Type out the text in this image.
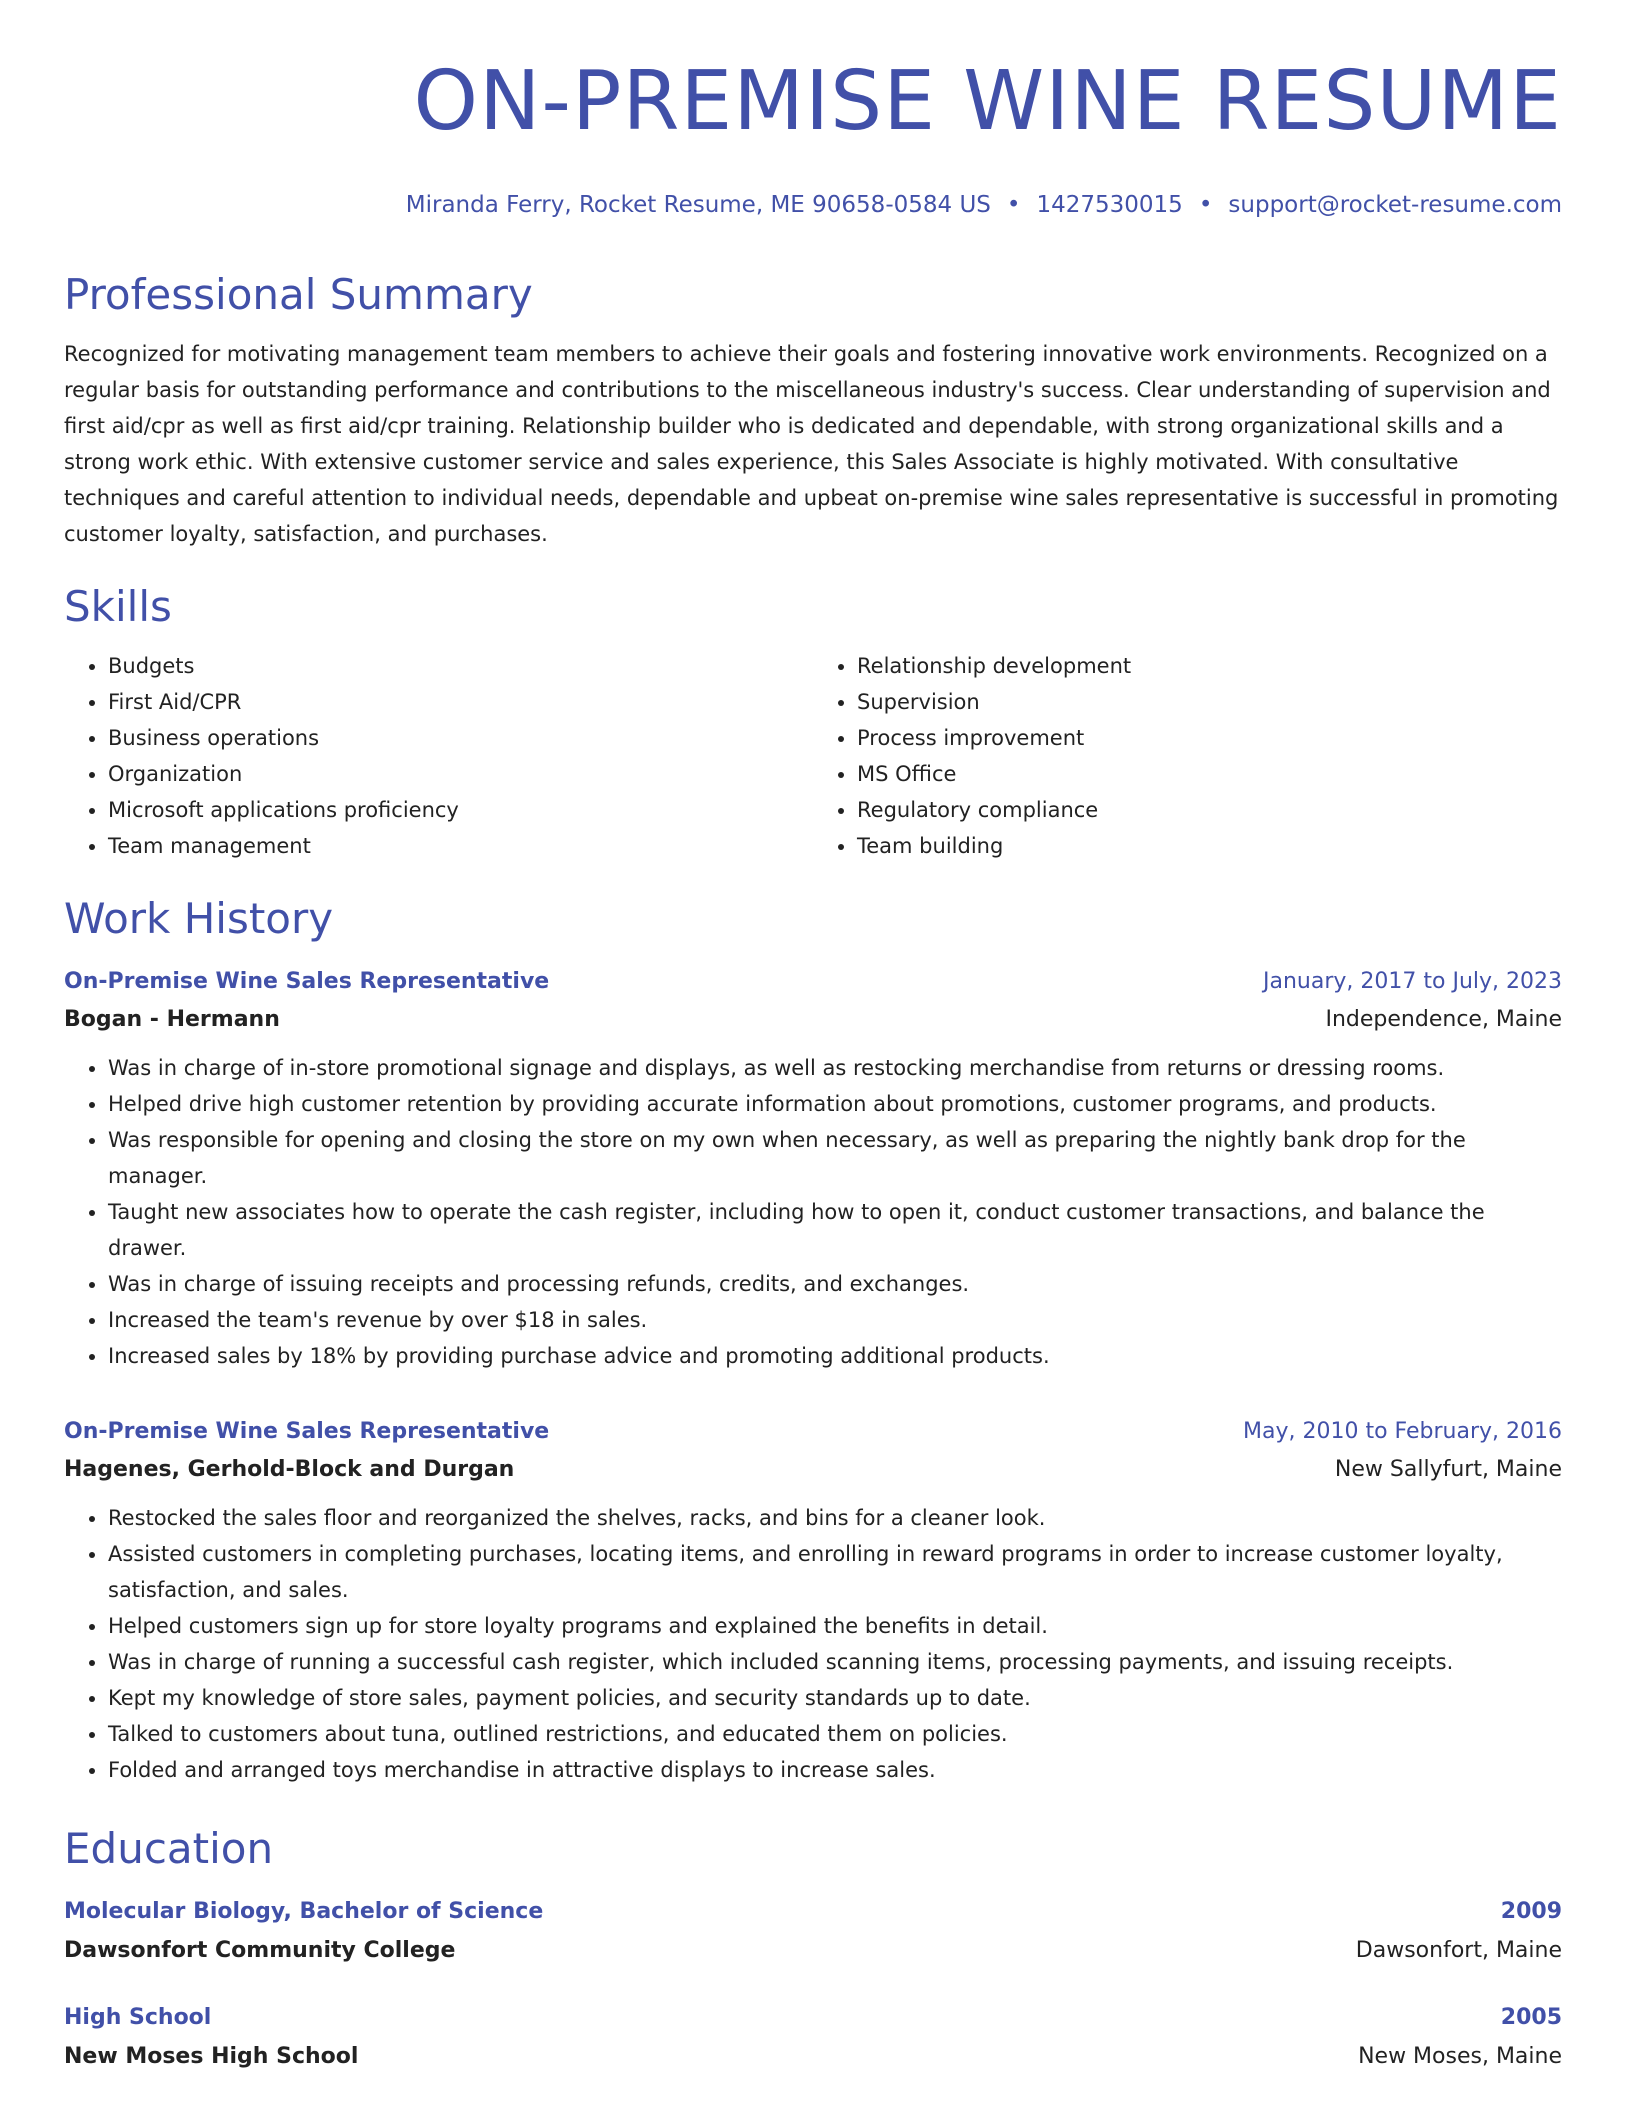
ON-PREMISE WINE RESUME
Miranda Ferry, Rocket Resume, ME 90658-0584 US • 1427530015 • support@rocket-resume.com
Professional Summary
Recognized for motivating management team members to achieve their goals and fostering innovative work environments. Recognized on a regular basis for outstanding performance and contributions to the miscellaneous industry's success. Clear understanding of supervision and first aid/cpr as well as first aid/cpr training. Relationship builder who is dedicated and dependable, with strong organizational skills and a strong work ethic. With extensive customer service and sales experience, this Sales Associate is highly motivated. With consultative techniques and careful attention to individual needs, dependable and upbeat on-premise wine sales representative is successful in promoting customer loyalty, satisfaction, and purchases.
Skills
• Budgets
• First Aid/CPR
• Business operations
• Organization
• Microsoft applications proficiency
• Team management
• Relationship development
• Supervision
• Process improvement
• MS Office
• Regulatory compliance
• Team building
Work History
On-Premise Wine Sales Representative	January, 2017 to July, 2023
Bogan - Hermann	Independence, Maine
• Was in charge of in-store promotional signage and displays, as well as restocking merchandise from returns or dressing rooms.
• Helped drive high customer retention by providing accurate information about promotions, customer programs, and products.
• Was responsible for opening and closing the store on my own when necessary, as well as preparing the nightly bank drop for the manager.
• Taught new associates how to operate the cash register, including how to open it, conduct customer transactions, and balance the drawer.
• Was in charge of issuing receipts and processing refunds, credits, and exchanges.
• Increased the team's revenue by over $18 in sales.
• Increased sales by 18% by providing purchase advice and promoting additional products.
On-Premise Wine Sales Representative	May, 2010 to February, 2016
Hagenes, Gerhold-Block and Durgan	New Sallyfurt, Maine
• Restocked the sales floor and reorganized the shelves, racks, and bins for a cleaner look.
• Assisted customers in completing purchases, locating items, and enrolling in reward programs in order to increase customer loyalty, satisfaction, and sales.
• Helped customers sign up for store loyalty programs and explained the benefits in detail.
• Was in charge of running a successful cash register, which included scanning items, processing payments, and issuing receipts.
• Kept my knowledge of store sales, payment policies, and security standards up to date.
• Talked to customers about tuna, outlined restrictions, and educated them on policies.
• Folded and arranged toys merchandise in attractive displays to increase sales.
Education
Molecular Biology, Bachelor of Science	2009
Dawsonfort Community College	Dawsonfort, Maine
High School	2005
New Moses High School	New Moses, Maine
